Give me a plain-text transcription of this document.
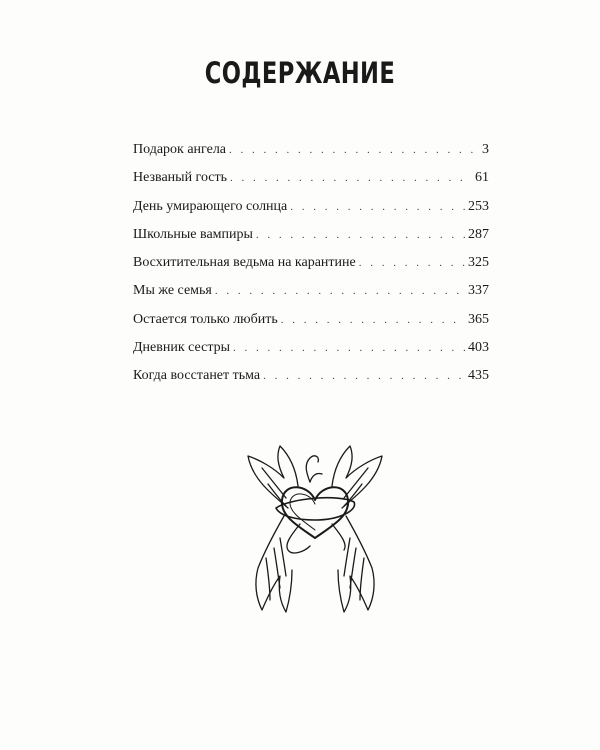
СОДЕРЖАНИЕ
Подарок ангела . . .	3
Незваный гость . . .	61
День умирающего солнца . . .	253
Школьные вампиры . . .	287
Восхитительная ведьма на карантине . . .	325
Мы же семья . . .	337
Остается только любить . . .	365
Дневник сестры . . .	403
Когда восстанет тьма . . .	435
